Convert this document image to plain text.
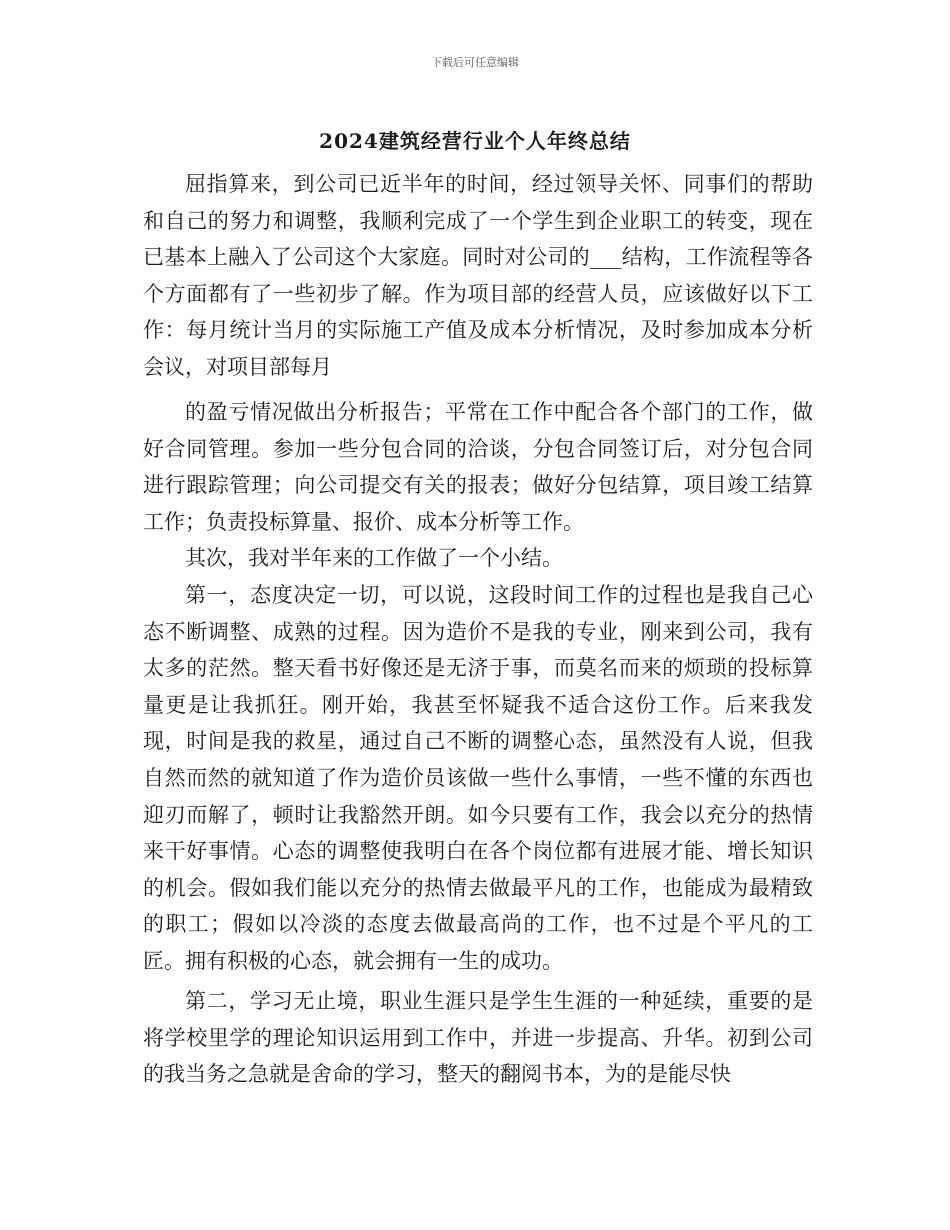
下载后可任意编辑
2024建筑经营行业个人年终总结

屈指算来，到公司已近半年的时间，经过领导关怀、同事们的帮助和自己的努力和调整，我顺利完成了一个学生到企业职工的转变，现在已基本上融入了公司这个大家庭。同时对公司的___结构，工作流程等各个方面都有了一些初步了解。作为项目部的经营人员，应该做好以下工作：每月统计当月的实际施工产值及成本分析情况，及时参加成本分析会议，对项目部每月

的盈亏情况做出分析报告；平常在工作中配合各个部门的工作，做好合同管理。参加一些分包合同的洽谈，分包合同签订后，对分包合同进行跟踪管理；向公司提交有关的报表；做好分包结算，项目竣工结算工作；负责投标算量、报价、成本分析等工作。

其次，我对半年来的工作做了一个小结。

第一，态度决定一切，可以说，这段时间工作的过程也是我自己心态不断调整、成熟的过程。因为造价不是我的专业，刚来到公司，我有太多的茫然。整天看书好像还是无济于事，而莫名而来的烦琐的投标算量更是让我抓狂。刚开始，我甚至怀疑我不适合这份工作。后来我发现，时间是我的救星，通过自己不断的调整心态，虽然没有人说，但我自然而然的就知道了作为造价员该做一些什么事情，一些不懂的东西也迎刃而解了，顿时让我豁然开朗。如今只要有工作，我会以充分的热情来干好事情。心态的调整使我明白在各个岗位都有进展才能、增长知识的机会。假如我们能以充分的热情去做最平凡的工作，也能成为最精致的职工；假如以冷淡的态度去做最高尚的工作，也不过是个平凡的工匠。拥有积极的心态，就会拥有一生的成功。

第二，学习无止境，职业生涯只是学生生涯的一种延续，重要的是将学校里学的理论知识运用到工作中，并进一步提高、升华。初到公司的我当务之急就是舍命的学习，整天的翻阅书本，为的是能尽快
